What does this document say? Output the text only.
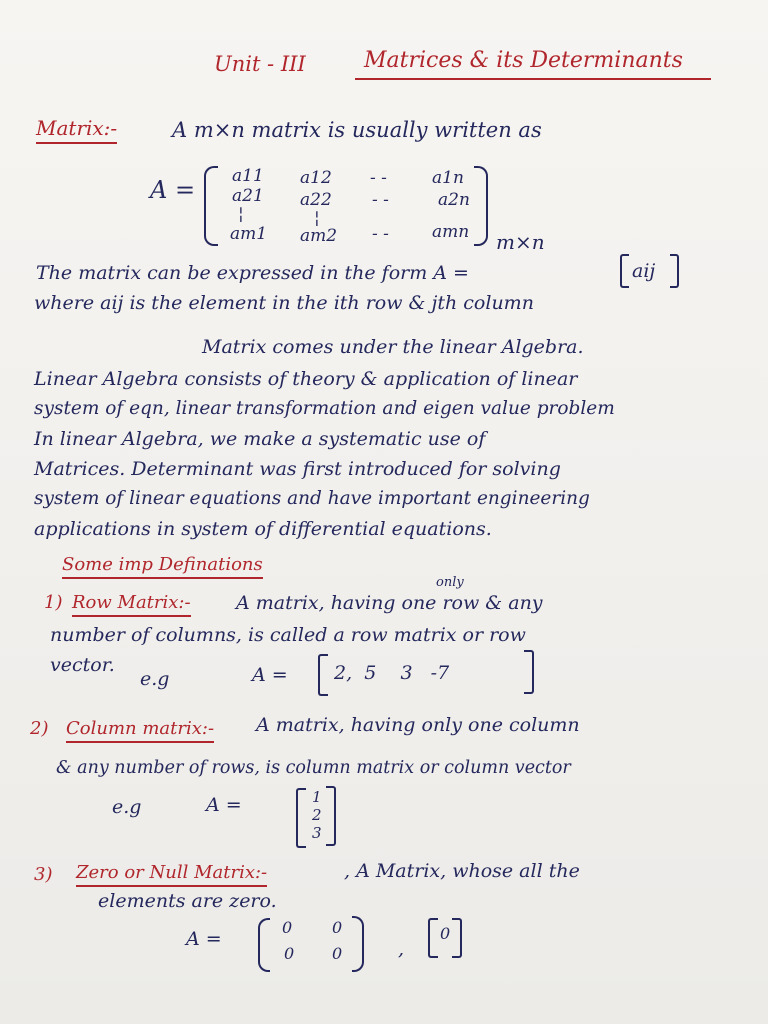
Unit - III	Matrices & its Determinants
Matrix:-	A m×n matrix is usually written as
A = a11 a12 - -	a1n
a21 a22 - -	a2n
¦	¦
am1 am2 - -	amn m×n
The matrix can be expressed in the form A =	aij
where aij is the element in the ith row & jth column
Matrix comes under the linear Algebra.
Linear Algebra consists of theory & application of linear
system of eqn, linear transformation and eigen value problem
In linear Algebra, we make a systematic use of
Matrices. Determinant was first introduced for solving
system of linear equations and have important engineering
applications in system of differential equations.
Some imp Definations
1) Row Matrix:-
only
A matrix, having one row & any
number of columns, is called a row matrix or row
vector.
e.g	A = 2,  5    3   -7
2) Column matrix:- A matrix, having only one column
& any number of rows, is column matrix or column vector
e.g	A =	1
2
3
3) Zero or Null Matrix:-	, A Matrix, whose all the
elements are zero.
A =
0 0
0 0	,
0
